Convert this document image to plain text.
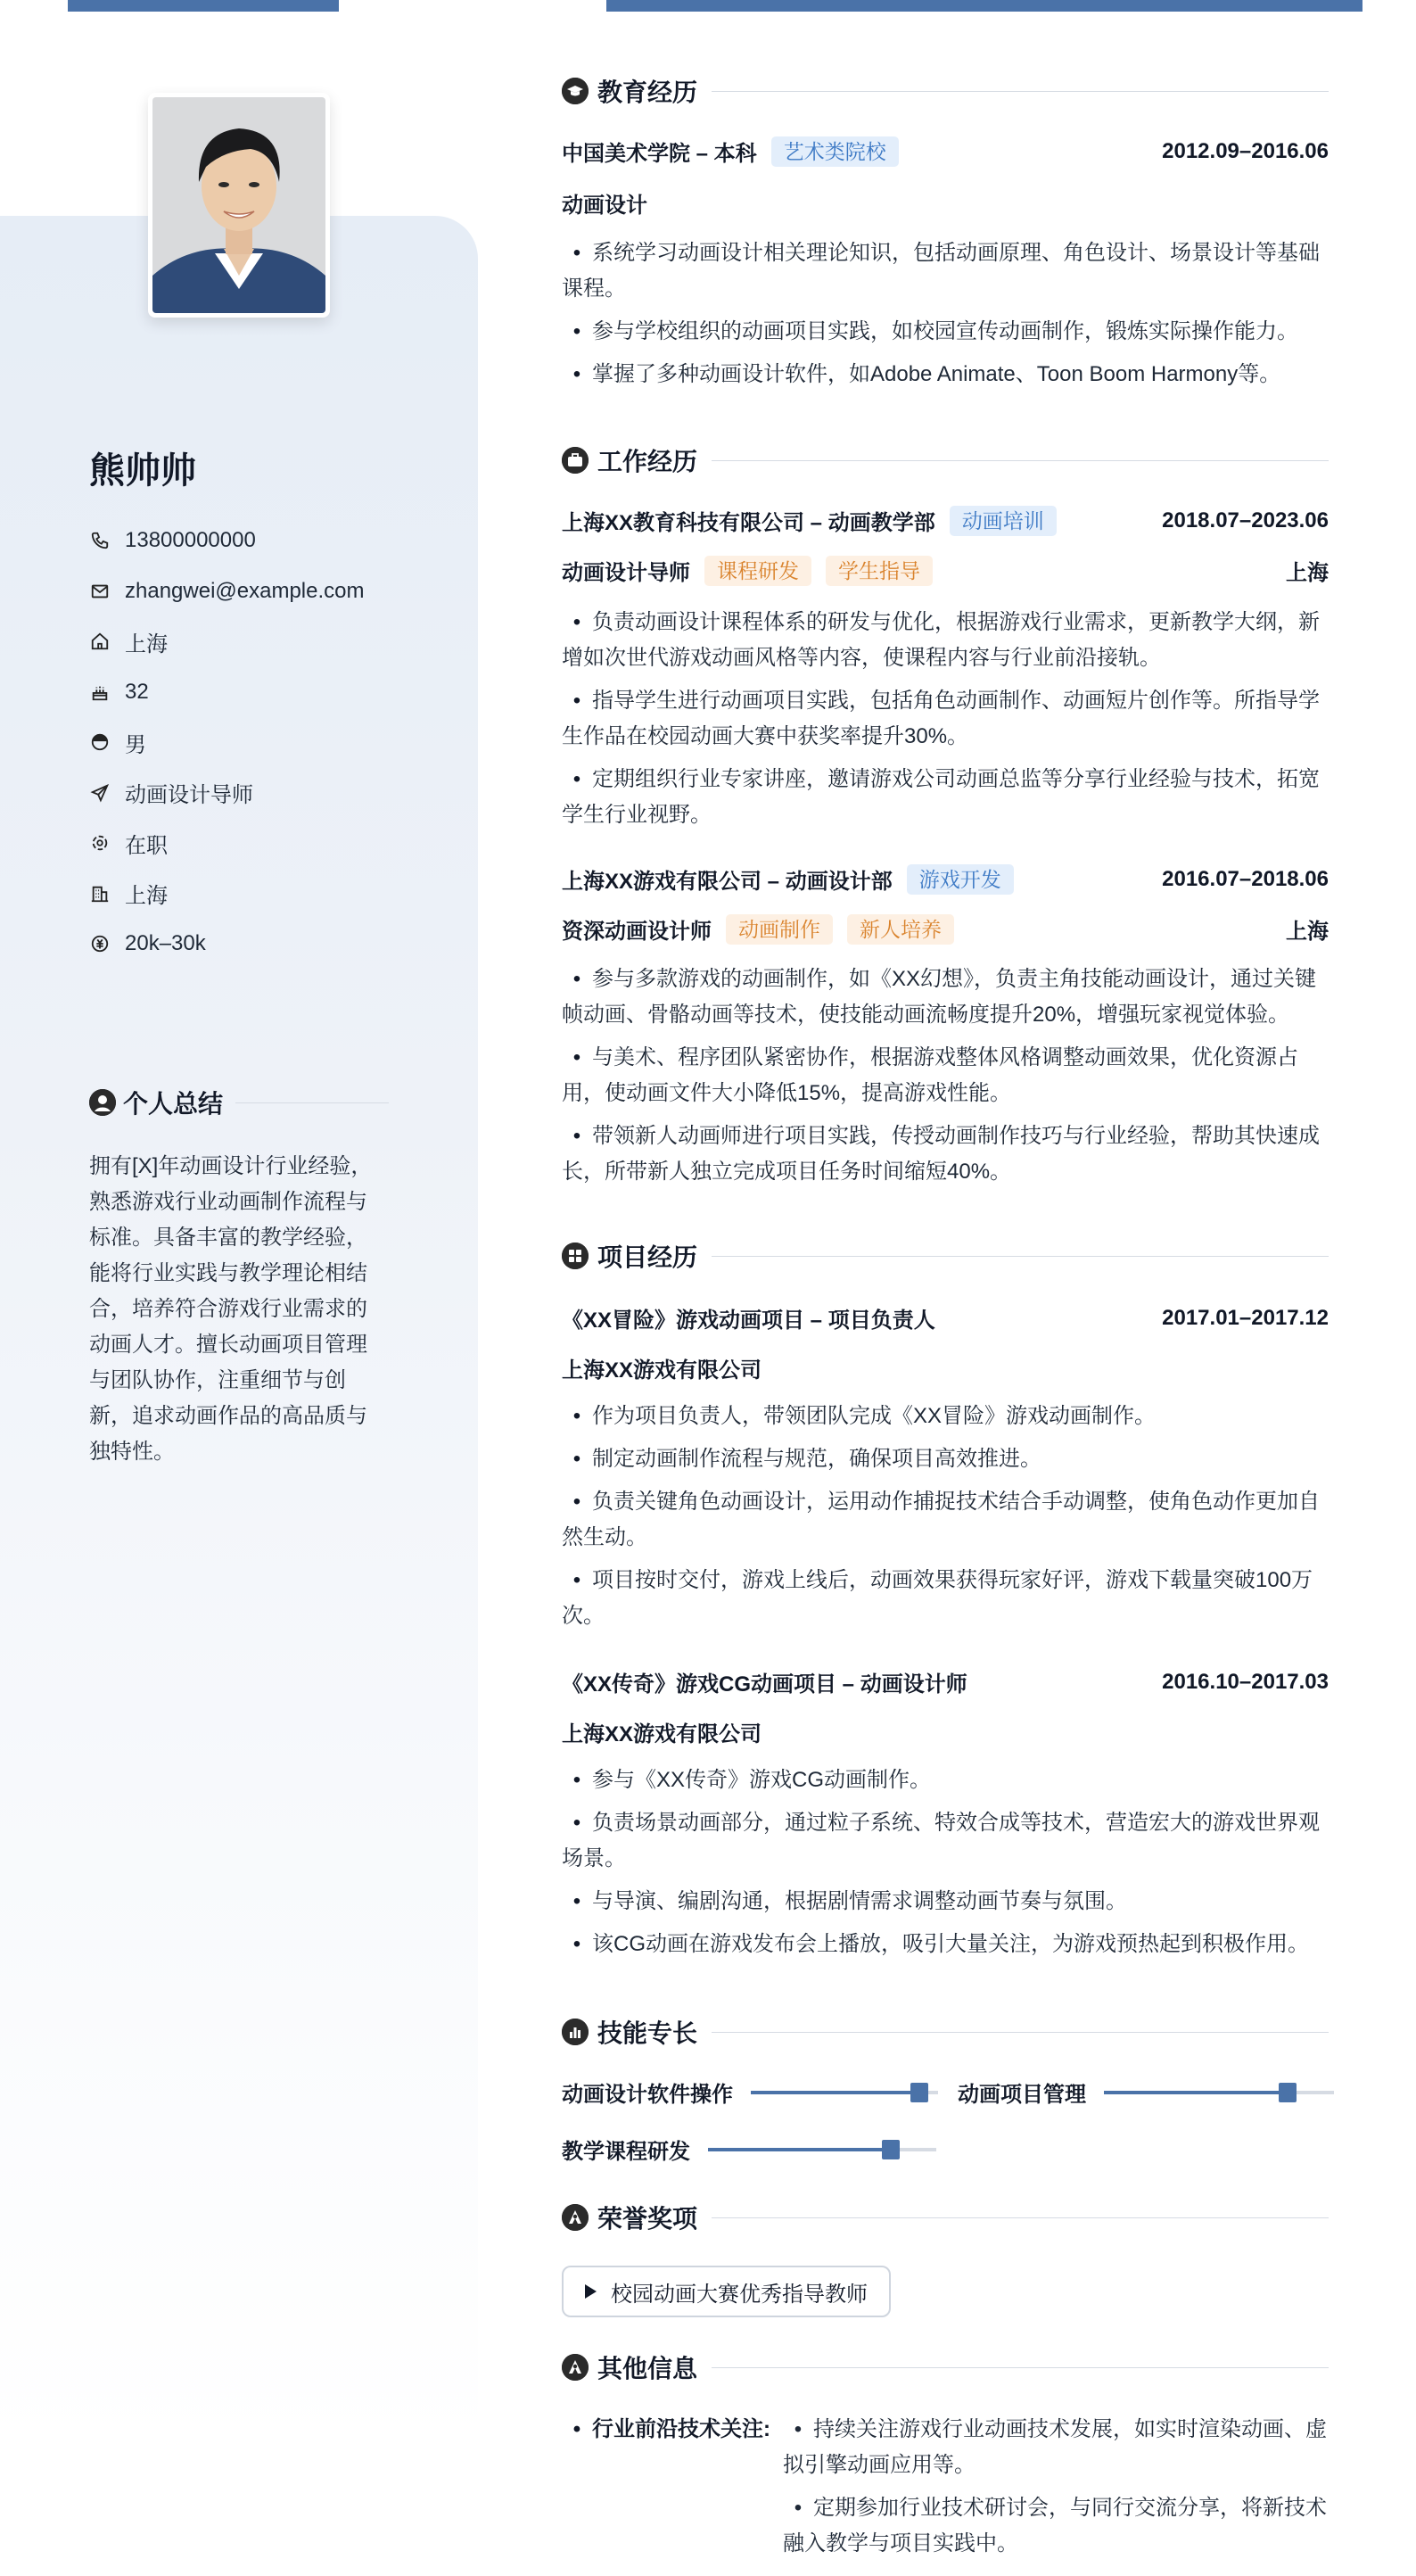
熊帅帅
13800000000
zhangwei@example.com
上海
32
男
动画设计导师
在职
上海
20k–30k
个人总结
拥有[X]年动画设计行业经验，熟悉游戏行业动画制作流程与标准。具备丰富的教学经验，能将行业实践与教学理论相结合，培养符合游戏行业需求的动画人才。擅长动画项目管理与团队协作，注重细节与创新，追求动画作品的高品质与独特性。
教育经历
中国美术学院 – 本科	艺术类院校	2012.09–2016.06
动画设计
• 系统学习动画设计相关理论知识，包括动画原理、角色设计、场景设计等基础课程。
• 参与学校组织的动画项目实践，如校园宣传动画制作，锻炼实际操作能力。
• 掌握了多种动画设计软件，如Adobe Animate、Toon Boom Harmony等。
工作经历
上海XX教育科技有限公司 – 动画教学部	动画培训	2018.07–2023.06
动画设计导师	课程研发	学生指导	上海
• 负责动画设计课程体系的研发与优化，根据游戏行业需求，更新教学大纲，新增如次世代游戏动画风格等内容，使课程内容与行业前沿接轨。
• 指导学生进行动画项目实践，包括角色动画制作、动画短片创作等。所指导学生作品在校园动画大赛中获奖率提升30%。
• 定期组织行业专家讲座，邀请游戏公司动画总监等分享行业经验与技术，拓宽学生行业视野。
上海XX游戏有限公司 – 动画设计部	游戏开发	2016.07–2018.06
资深动画设计师	动画制作	新人培养	上海
• 参与多款游戏的动画制作，如《XX幻想》，负责主角技能动画设计，通过关键帧动画、骨骼动画等技术，使技能动画流畅度提升20%，增强玩家视觉体验。
• 与美术、程序团队紧密协作，根据游戏整体风格调整动画效果，优化资源占用，使动画文件大小降低15%，提高游戏性能。
• 带领新人动画师进行项目实践，传授动画制作技巧与行业经验，帮助其快速成长，所带新人独立完成项目任务时间缩短40%。
项目经历
《XX冒险》游戏动画项目 – 项目负责人	2017.01–2017.12
上海XX游戏有限公司
• 作为项目负责人，带领团队完成《XX冒险》游戏动画制作。
• 制定动画制作流程与规范，确保项目高效推进。
• 负责关键角色动画设计，运用动作捕捉技术结合手动调整，使角色动作更加自然生动。
• 项目按时交付，游戏上线后，动画效果获得玩家好评，游戏下载量突破100万次。
《XX传奇》游戏CG动画项目 – 动画设计师	2016.10–2017.03
上海XX游戏有限公司
• 参与《XX传奇》游戏CG动画制作。
• 负责场景动画部分，通过粒子系统、特效合成等技术，营造宏大的游戏世界观场景。
• 与导演、编剧沟通，根据剧情需求调整动画节奏与氛围。
• 该CG动画在游戏发布会上播放，吸引大量关注，为游戏预热起到积极作用。
技能专长
动画设计软件操作	动画项目管理
教学课程研发
荣誉奖项
校园动画大赛优秀指导教师
其他信息
• 行业前沿技术关注:
•	持续关注游戏行业动画技术发展，如实时渲染动画、虚拟引擎动画应用等。
• 定期参加行业技术研讨会，与同行交流分享，将新技术融入教学与项目实践中。
